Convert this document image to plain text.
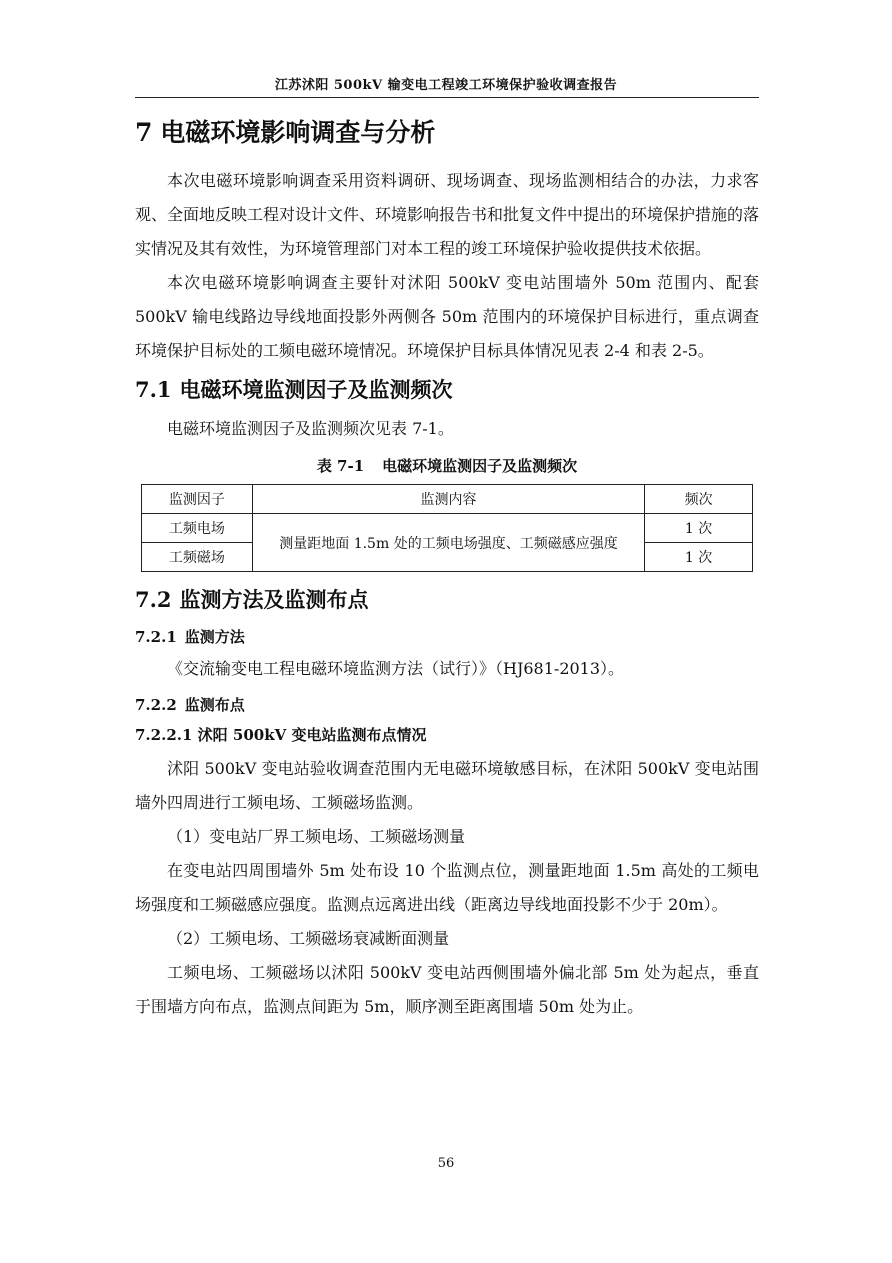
江苏沭阳 500kV 输变电工程竣工环境保护验收调查报告
7 电磁环境影响调查与分析

本次电磁环境影响调查采用资料调研、现场调查、现场监测相结合的办法，力求客观、全面地反映工程对设计文件、环境影响报告书和批复文件中提出的环境保护措施的落实情况及其有效性，为环境管理部门对本工程的竣工环境保护验收提供技术依据。

本次电磁环境影响调查主要针对沭阳 500kV 变电站围墙外 50m 范围内、配套 500kV 输电线路边导线地面投影外两侧各 50m 范围内的环境保护目标进行，重点调查环境保护目标处的工频电磁环境情况。环境保护目标具体情况见表 2-4 和表 2-5。

7.1 电磁环境监测因子及监测频次

电磁环境监测因子及监测频次见表 7-1。

表 7-1 电磁环境监测因子及监测频次
监测因子	监测内容	频次
工频电场	测量距地面 1.5m 处的工频电场强度、工频磁感应强度	1 次
工频磁场		1 次
7.2 监测方法及监测布点
7.2.1 监测方法

《交流输变电工程电磁环境监测方法（试行）》（HJ681-2013）。

7.2.2 监测布点
7.2.2.1 沭阳 500kV 变电站监测布点情况

沭阳 500kV 变电站验收调查范围内无电磁环境敏感目标，在沭阳 500kV 变电站围墙外四周进行工频电场、工频磁场监测。

（1）变电站厂界工频电场、工频磁场测量

在变电站四周围墙外 5m 处布设 10 个监测点位，测量距地面 1.5m 高处的工频电场强度和工频磁感应强度。监测点远离进出线（距离边导线地面投影不少于 20m）。

（2）工频电场、工频磁场衰减断面测量

工频电场、工频磁场以沭阳 500kV 变电站西侧围墙外偏北部 5m 处为起点，垂直于围墙方向布点，监测点间距为 5m，顺序测至距离围墙 50m 处为止。

56
